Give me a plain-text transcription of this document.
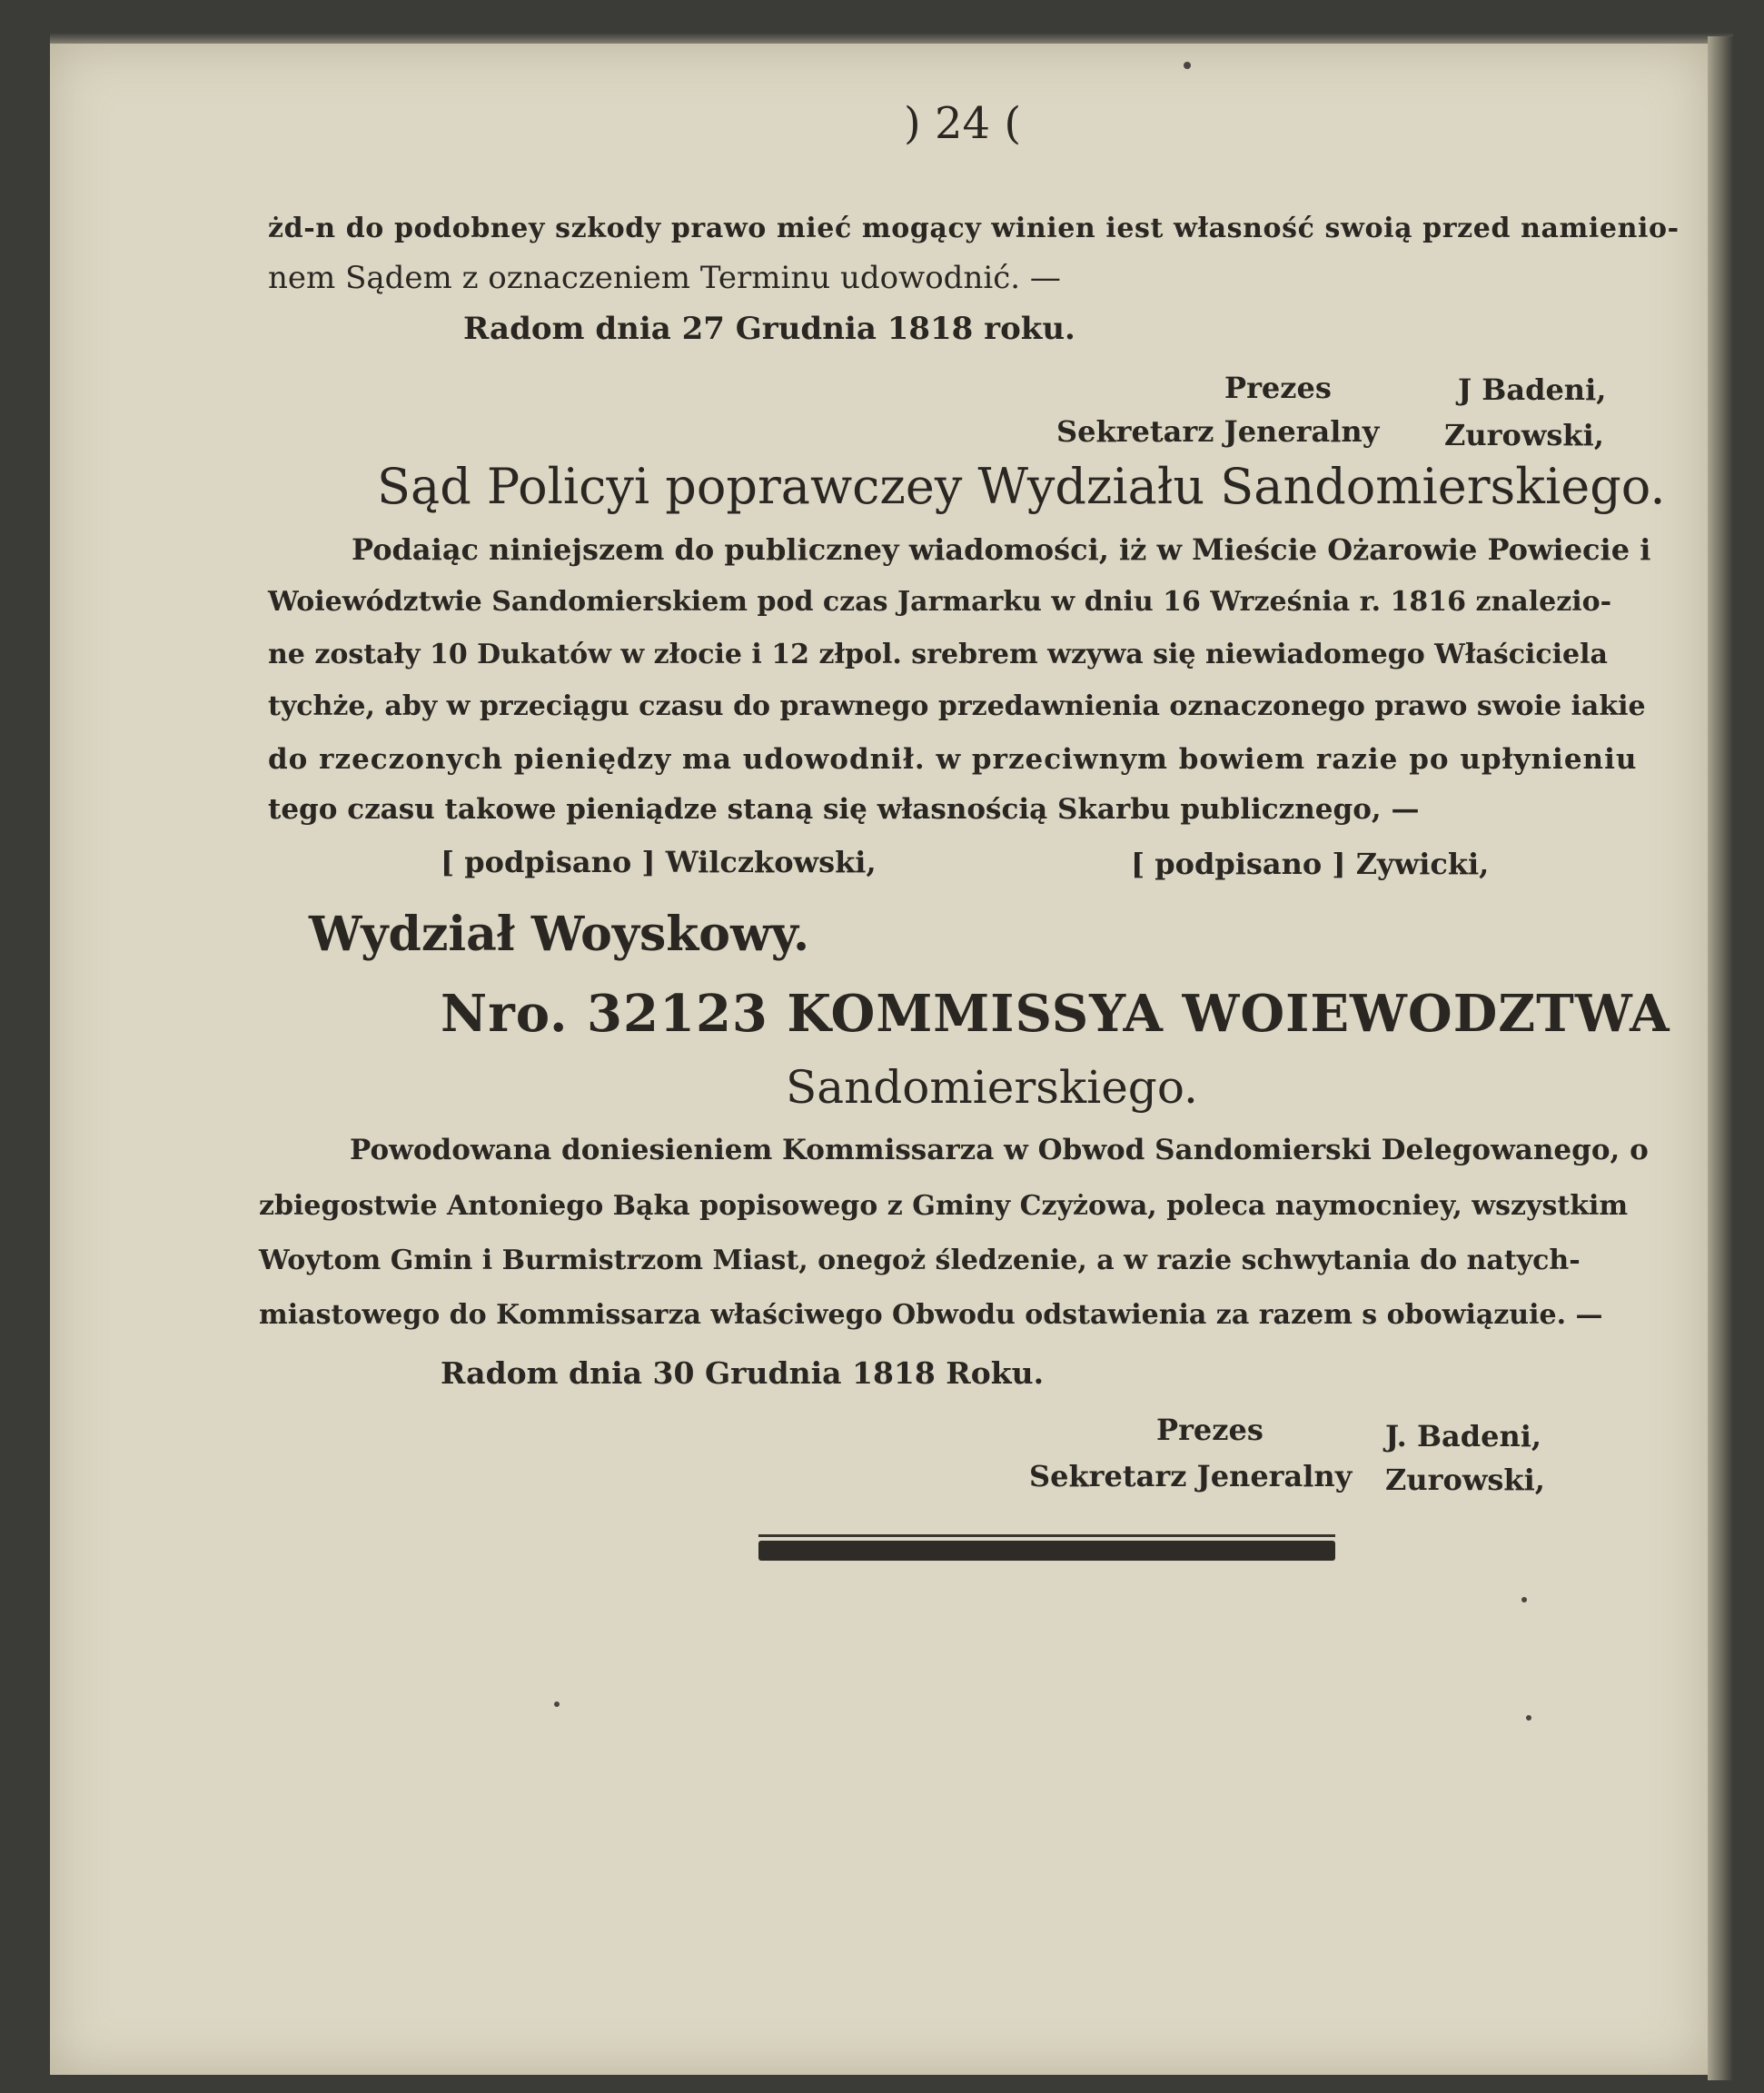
) 24 (
żd-n do podobney szkody prawo mieć mogący winien iest własność swoią przed namienio-
nem Sądem z oznaczeniem Terminu udowodnić. —
Radom dnia 27 Grudnia 1818 roku.
Prezes	J Badeni,
Sekretarz Jeneralny Zurowski,
Sąd Policyi poprawczey Wydziału Sandomierskiego.
Podaiąc niniejszem do publiczney wiadomości, iż w Mieście Ożarowie Powiecie i
Woiewództwie Sandomierskiem pod czas Jarmarku w dniu 16 Września r. 1816 znalezio-
ne zostały 10 Dukatów w złocie i 12 złpol. srebrem wzywa się niewiadomego Właściciela
tychże, aby w przeciągu czasu do prawnego przedawnienia oznaczonego prawo swoie iakie
do rzeczonych pieniędzy ma udowodnił. w przeciwnym bowiem razie po upłynieniu
tego czasu takowe pieniądze staną się własnością Skarbu publicznego, —
[ podpisano ] Wilczkowski,	[ podpisano ] Zywicki,
Wydział Woyskowy.
Nro. 32123 KOMMISSYA WOIEWODZTWA
Sandomierskiego.
Powodowana doniesieniem Kommissarza w Obwod Sandomierski Delegowanego, o
zbiegostwie Antoniego Bąka popisowego z Gminy Czyżowa, poleca naymocniey, wszystkim
Woytom Gmin i Burmistrzom Miast, onegoż śledzenie, a w razie schwytania do natych-
miastowego do Kommissarza właściwego Obwodu odstawienia za razem s obowiązuie. —
Radom dnia 30 Grudnia 1818 Roku.
Prezes	J. Badeni,
Sekretarz Jeneralny Zurowski,
